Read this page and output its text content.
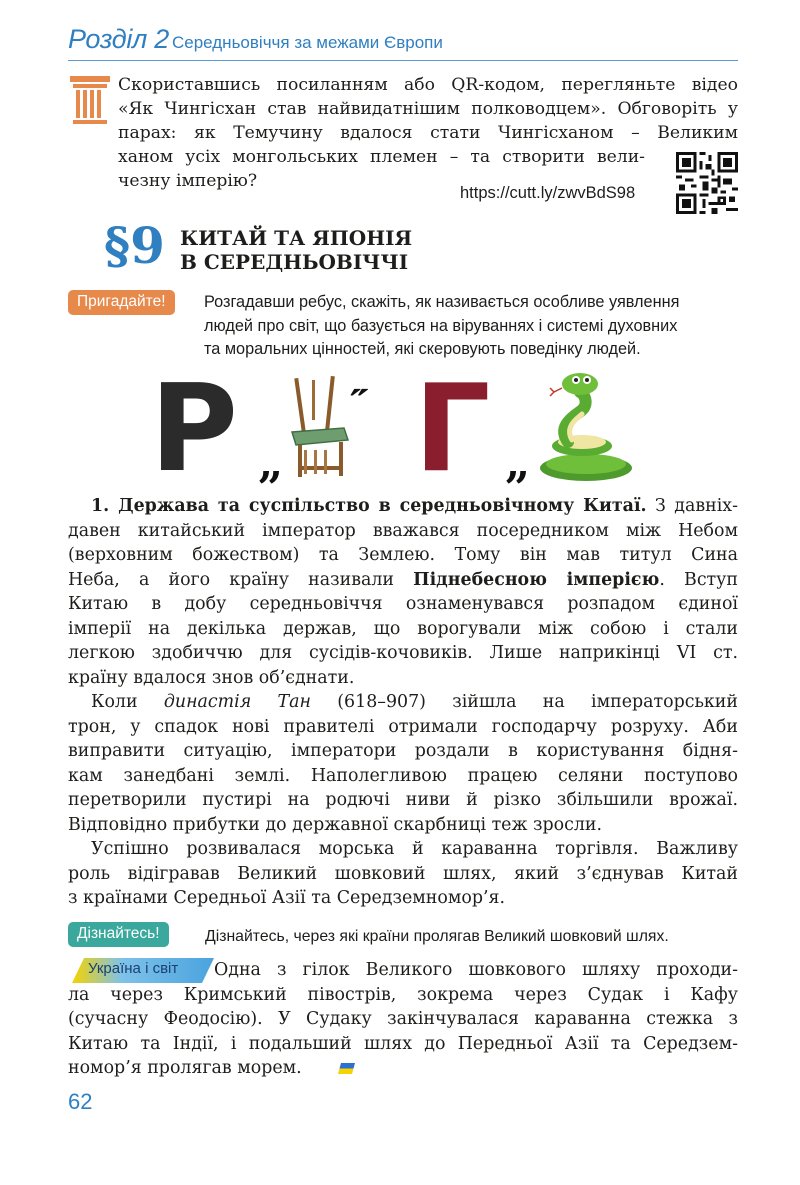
Розділ 2 Середньовіччя за межами Європи
Скориставшись посиланням або QR-кодом, перегляньте відео
«Як Чингісхан став найвидатнішим полководцем». Обговоріть у
парах: як Темучину вдалося стати Чингісханом – Великим
ханом усіх монгольських племен – та створити вели-
чезну імперію?
https://cutt.ly/zwvBdS98
§9 КИТАЙ ТА ЯПОНІЯ
В СЕРЕДНЬОВІЧЧІ
Пригадайте!	Розгадавши ребус, скажіть, як називається особливе уявлення
людей про світ, що базується на віруваннях і системі духовних
та моральних цінностей, які скеровують поведінку людей.
Р „
˶ Г „
1. Держава та суспільство в середньовічному Китаї. З давніх-
давен китайський імператор вважався посередником між Небом
(верховним божеством) та Землею. Тому він мав титул Сина
Неба, а його країну називали Піднебесною імперією. Вступ
Китаю в добу середньовіччя ознаменувався розпадом єдиної
імперії на декілька держав, що ворогували між собою і стали
легкою здобиччю для сусідів-кочовиків. Лише наприкінці VI ст.
країну вдалося знов об’єднати.
Коли династія Тан (618–907) зійшла на імператорський
трон, у спадок нові правителі отримали господарчу розруху. Аби
виправити ситуацію, імператори роздали в користування бідня-
кам занедбані землі. Наполегливою працею селяни поступово
перетворили пустирі на родючі ниви й різко збільшили врожаї.
Відповідно прибутки до державної скарбниці теж зросли.
Успішно розвивалася морська й караванна торгівля. Важливу
роль відігравав Великий шовковий шлях, який з’єднував Китай
з країнами Середньої Азії та Середземномор’я.
Дізнайтесь!	Дізнайтесь, через які країни пролягав Великий шовковий шлях.
Україна і світ	Одна з гілок Великого шовкового шляху проходи-
ла через Кримський півострів, зокрема через Судак і Кафу
(сучасну Феодосію). У Судаку закінчувалася караванна стежка з
Китаю та Індії, і подальший шлях до Передньої Азії та Середзем-
номор’я пролягав морем.
62
